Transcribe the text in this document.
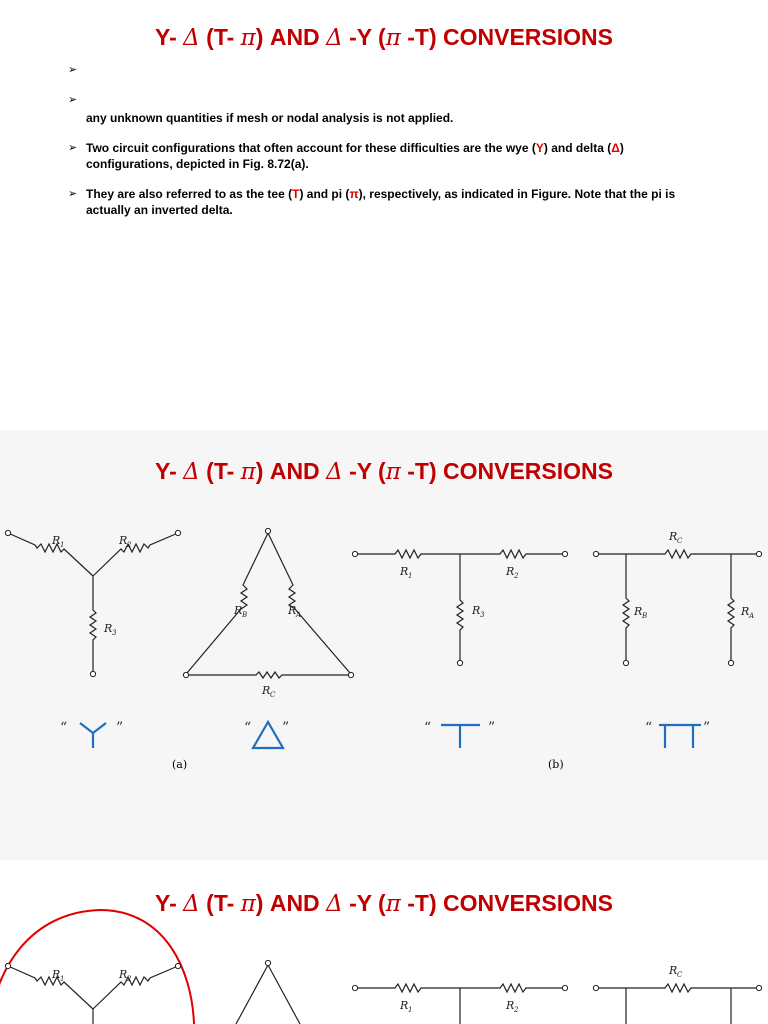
Y- Δ (T- π) AND Δ -Y (π -T) CONVERSIONS
➢
➢
any unknown quantities if mesh or nodal analysis is not applied.
➢ Two circuit configurations that often account for these difficulties are the wye (Y) and delta (Δ) configurations, depicted in Fig. 8.72(a).
➢ They are also referred to as the tee (T) and pi (π), respectively, as indicated in Figure. Note that the pi is actually an inverted delta.
Y- Δ (T- π) AND Δ -Y (π -T) CONVERSIONS
R 1	R 2
R 3
R B	R A
R C
R 1	R 2
R 3
R C
R B	R A
“	”	“ ”	“	”	“	”
(a)	(b)
Y- Δ (T- π) AND Δ -Y (π -T) CONVERSIONS
R 1	R 2
R 1	R 2
R C
